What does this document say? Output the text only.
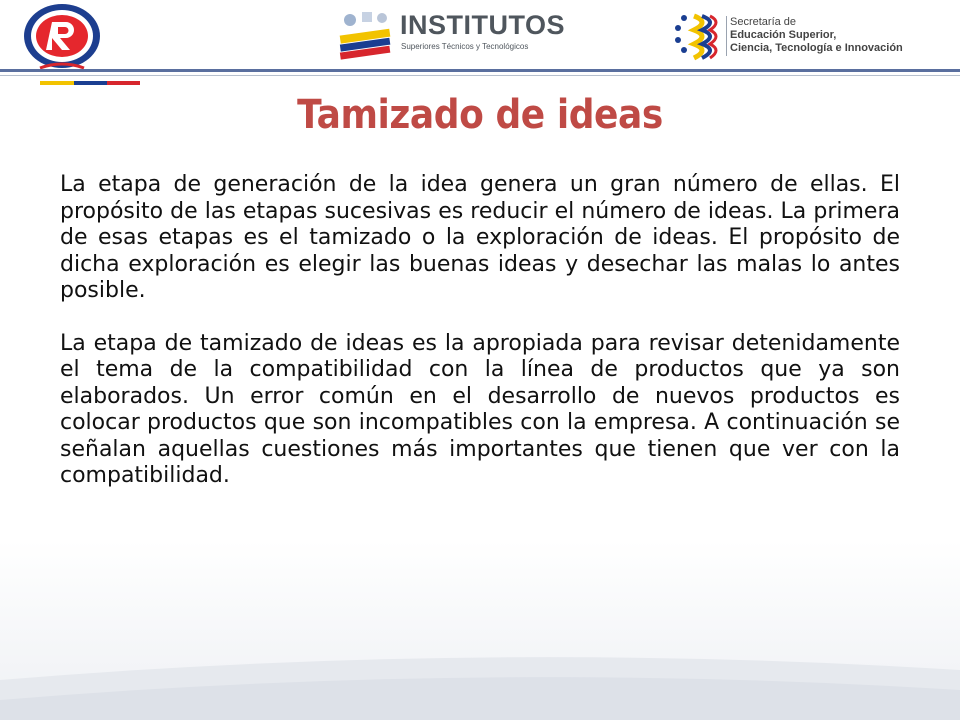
INSTITUTOS
Superiores Técnicos y Tecnológicos
Secretaría de
Educación Superior,
Ciencia, Tecnología e Innovación
Tamizado de ideas

La etapa de generación de la idea genera un gran número de ellas. El propósito de las etapas sucesivas es reducir el número de ideas. La primera de esas etapas es el tamizado o la exploración de ideas. El propósito de dicha exploración es elegir las buenas ideas y desechar las malas lo antes posible.

La etapa de tamizado de ideas es la apropiada para revisar detenidamente el tema de la compatibilidad con la línea de productos que ya son elaborados. Un error común en el desarrollo de nuevos productos es colocar productos que son incompatibles con la empresa. A continuación se señalan aquellas cuestiones más importantes que tienen que ver con la compatibilidad.
